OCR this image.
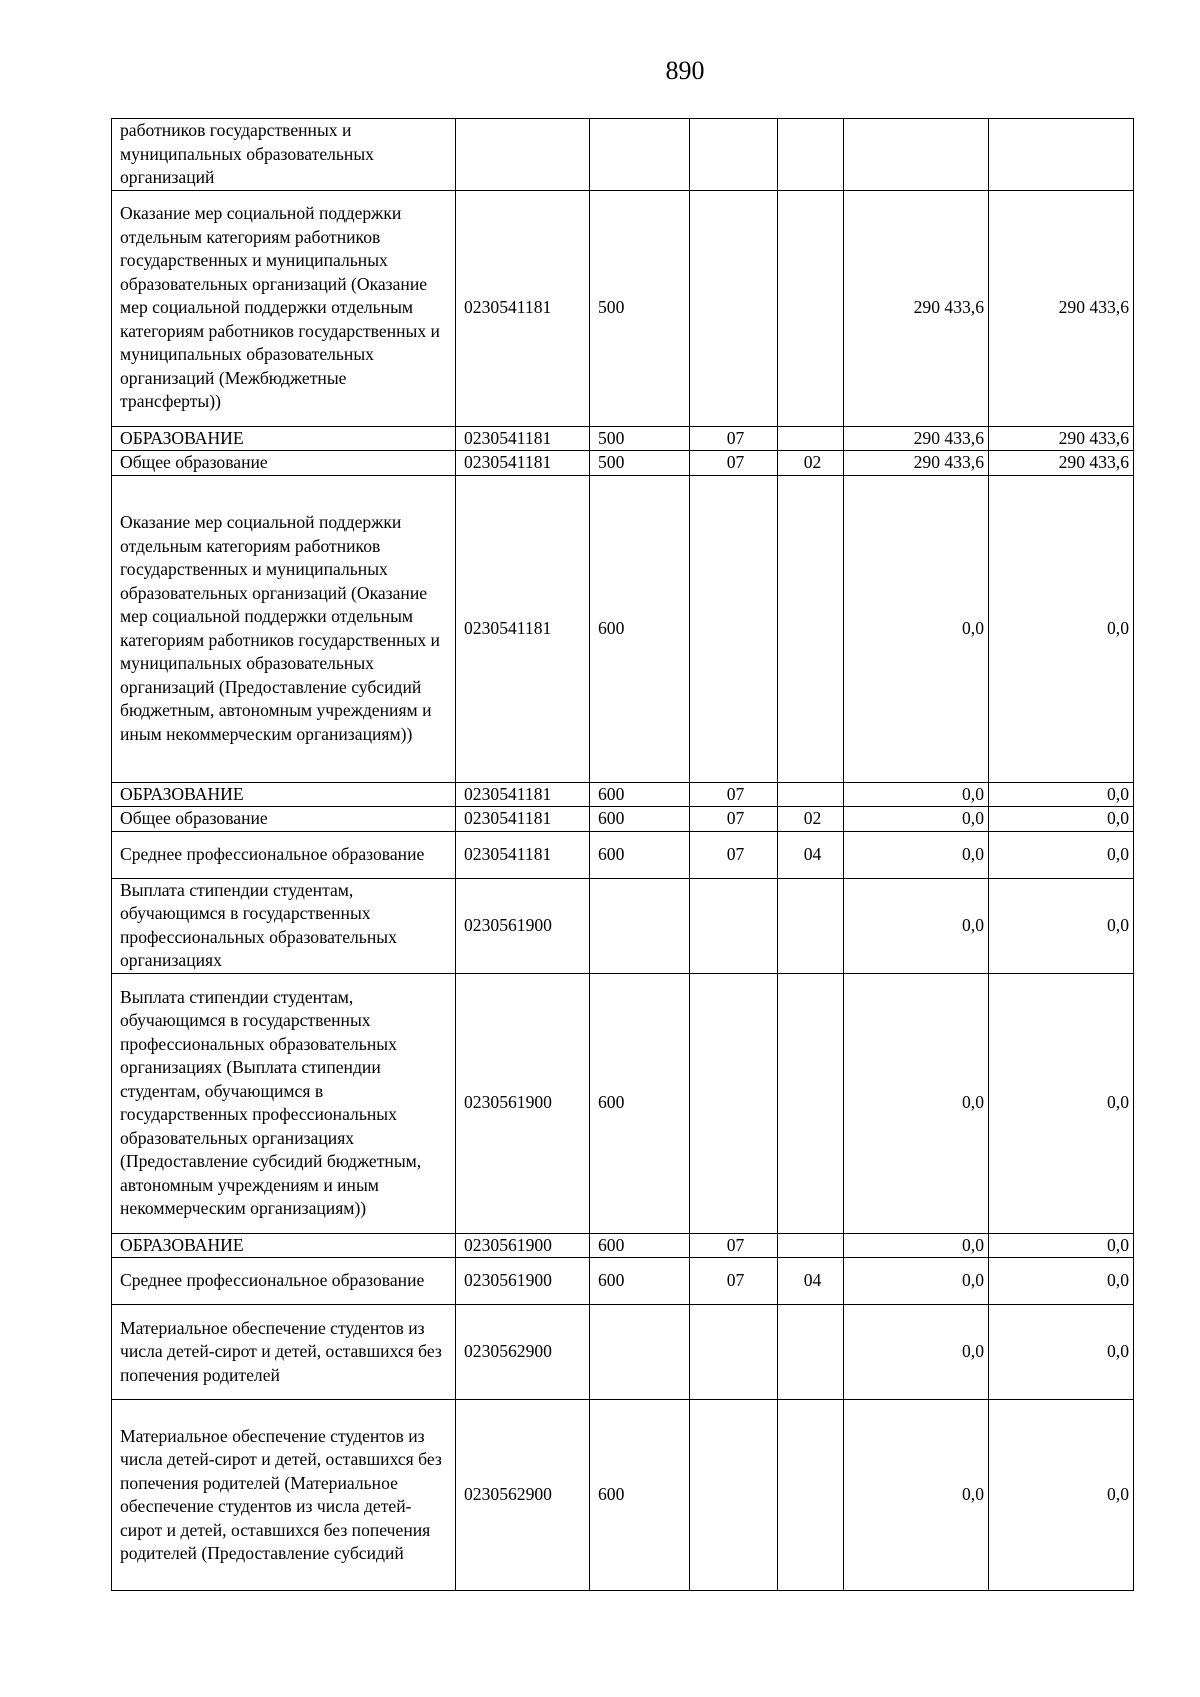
890
работников государственных и муниципальных образовательных организаций						
Оказание мер социальной поддержки отдельным категориям работников государственных и муниципальных образовательных организаций (Оказание мер социальной поддержки отдельным категориям работников государственных и муниципальных образовательных организаций (Межбюджетные трансферты))	0230541181	500			290 433,6	290 433,6
ОБРАЗОВАНИЕ	0230541181	500	07		290 433,6	290 433,6
Общее образование	0230541181	500	07	02	290 433,6	290 433,6
Оказание мер социальной поддержки отдельным категориям работников государственных и муниципальных образовательных организаций (Оказание мер социальной поддержки отдельным категориям работников государственных и муниципальных образовательных организаций (Предоставление субсидий бюджетным, автономным учреждениям и иным некоммерческим организациям))	0230541181	600			0,0	0,0
ОБРАЗОВАНИЕ	0230541181	600	07		0,0	0,0
Общее образование	0230541181	600	07	02	0,0	0,0
Среднее профессиональное образование	0230541181	600	07	04	0,0	0,0
Выплата стипендии студентам, обучающимся в государственных профессиональных образовательных организациях	0230561900				0,0	0,0
Выплата стипендии студентам, обучающимся в государственных профессиональных образовательных организациях (Выплата стипендии студентам, обучающимся в государственных профессиональных образовательных организациях (Предоставление субсидий бюджетным, автономным учреждениям и иным некоммерческим организациям))	0230561900	600			0,0	0,0
ОБРАЗОВАНИЕ	0230561900	600	07		0,0	0,0
Среднее профессиональное образование	0230561900	600	07	04	0,0	0,0
Материальное обеспечение студентов из числа детей-сирот и детей, оставшихся без попечения родителей	0230562900				0,0	0,0
Материальное обеспечение студентов из числа детей-сирот и детей, оставшихся без попечения родителей (Материальное обеспечение студентов из числа детей-сирот и детей, оставшихся без попечения родителей (Предоставление субсидий	0230562900	600			0,0	0,0
